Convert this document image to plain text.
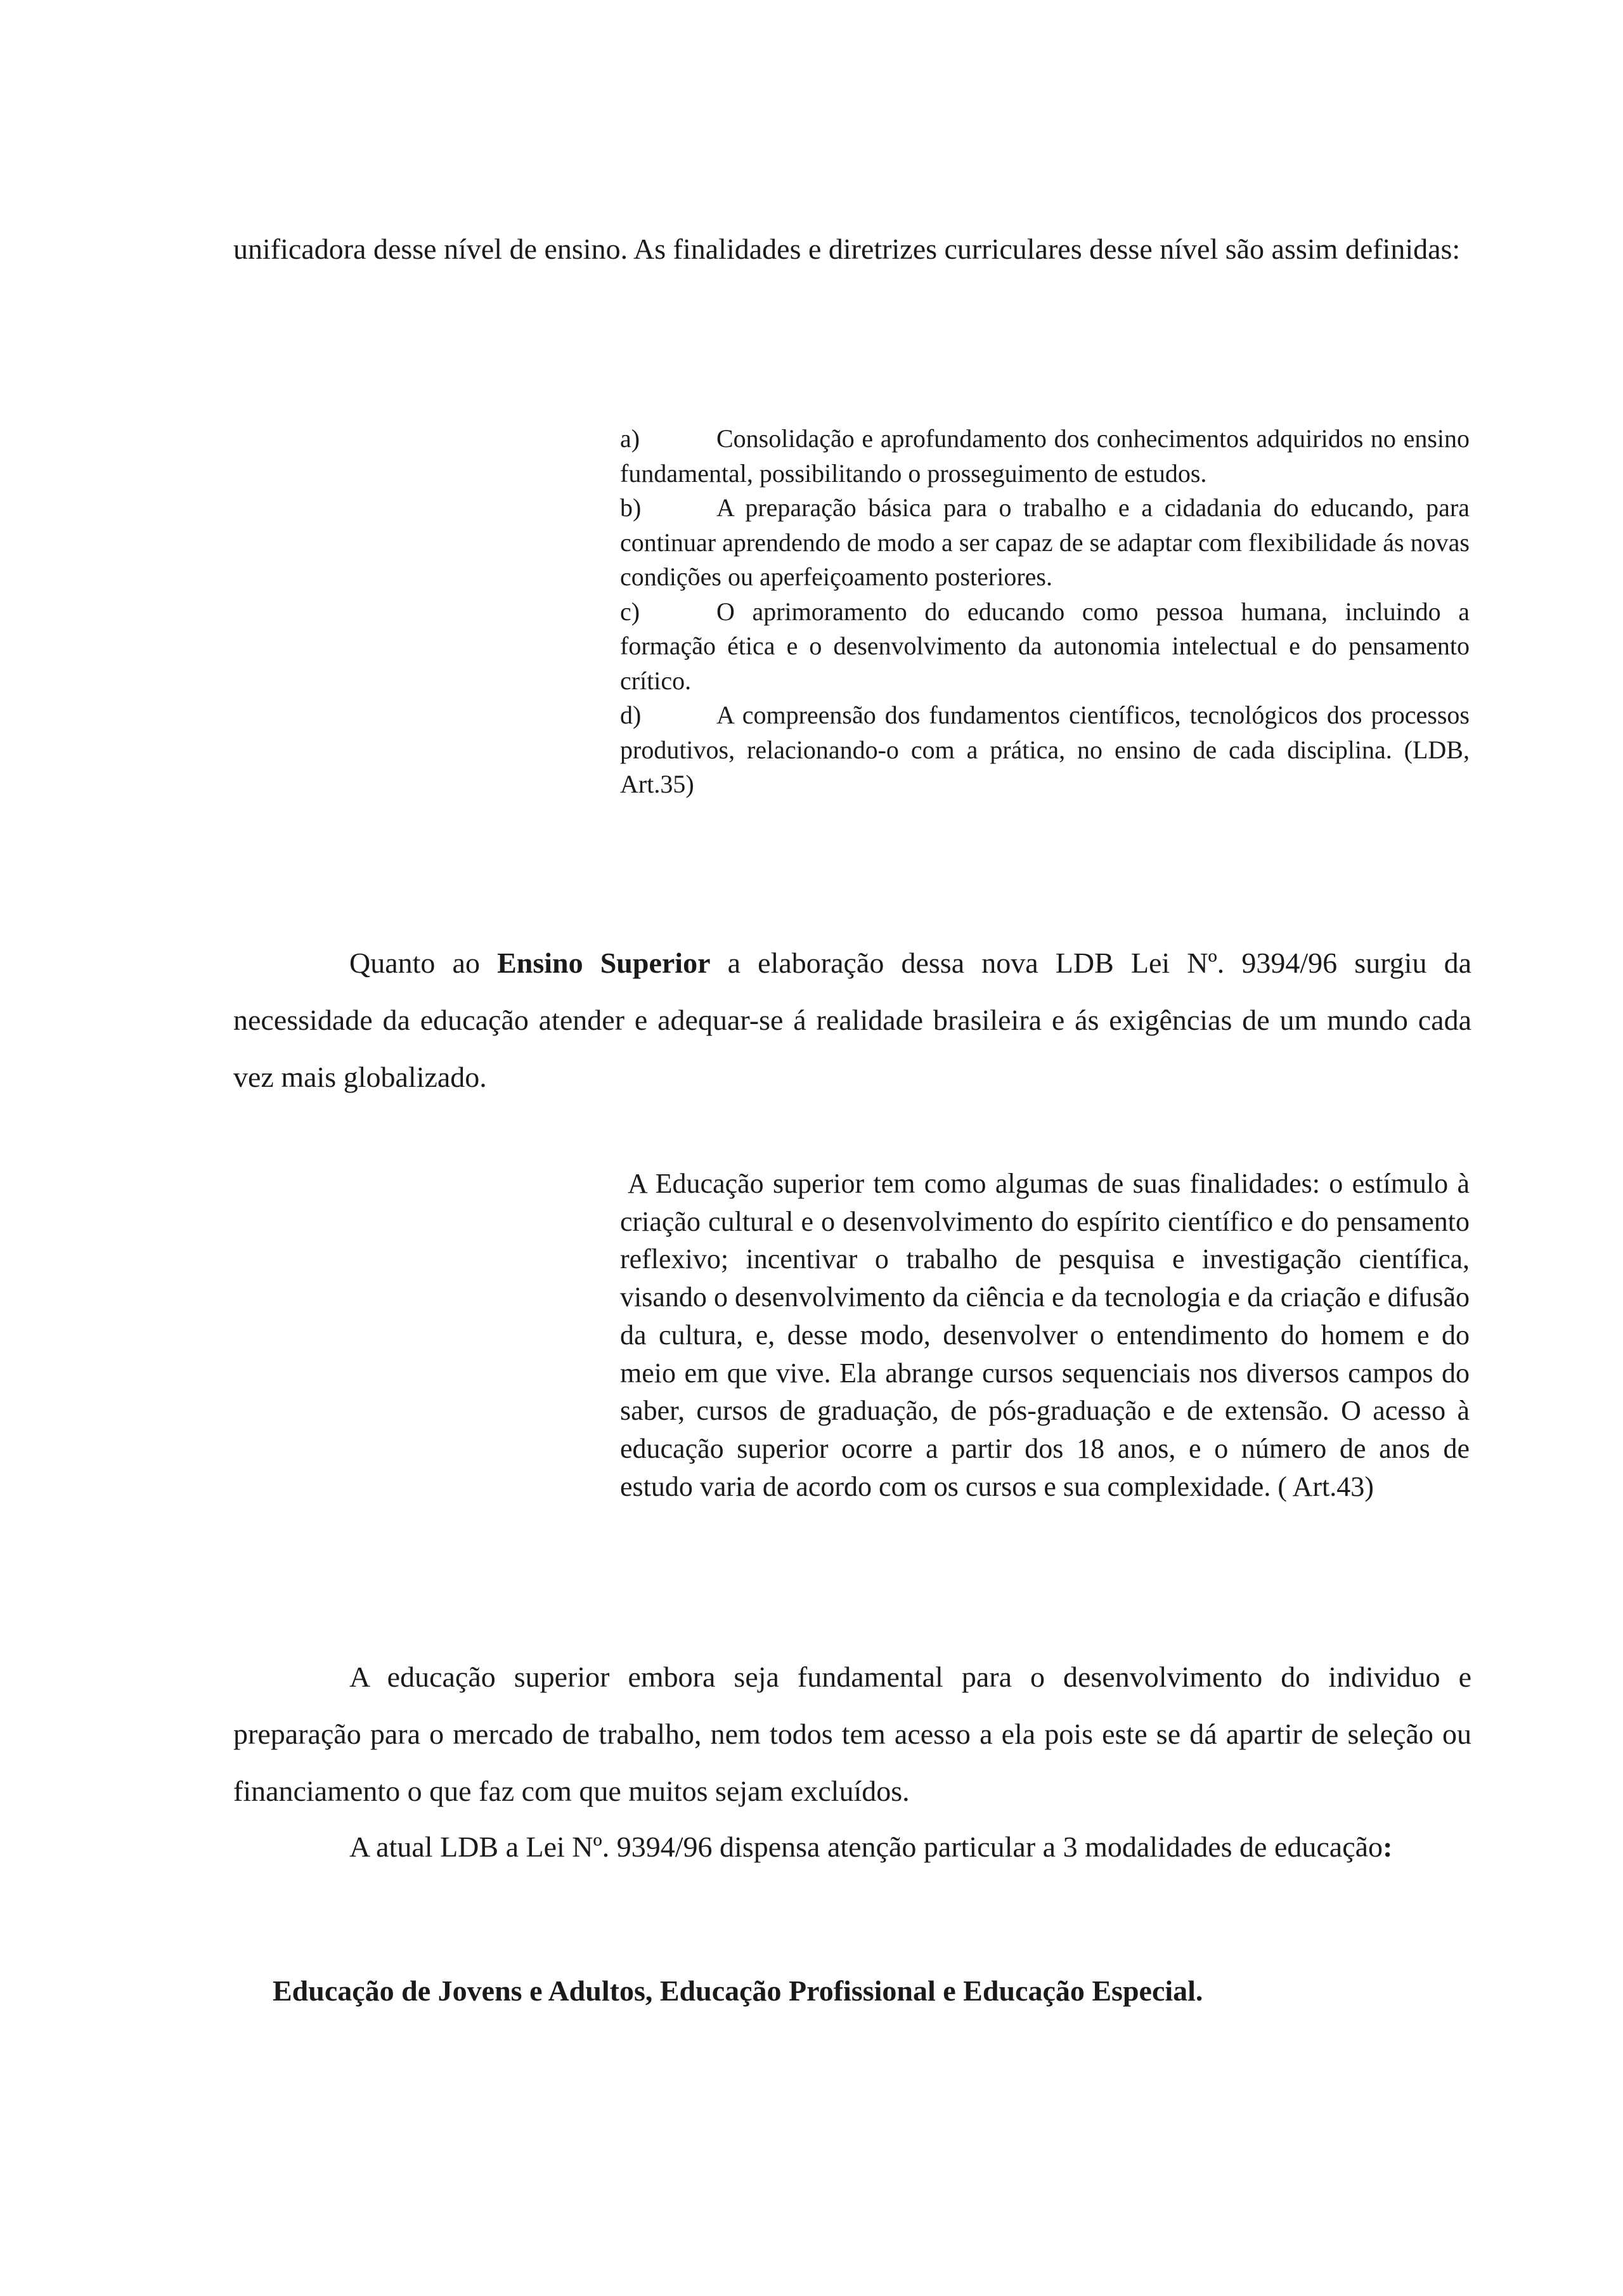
unificadora desse nível de ensino. As finalidades e diretrizes curriculares desse nível são assim definidas:

a)	Consolidação e aprofundamento dos conhecimentos adquiridos no ensino fundamental, possibilitando o prosseguimento de estudos.

b)	A preparação básica para o trabalho e a cidadania do educando, para continuar aprendendo de modo a ser capaz de se adaptar com flexibilidade ás novas condições ou aperfeiçoamento posteriores.

c)	O aprimoramento do educando como pessoa humana, incluindo a formação ética e o desenvolvimento da autonomia intelectual e do pensamento crítico.

d)	A compreensão dos fundamentos científicos, tecnológicos dos processos produtivos, relacionando-o com a prática, no ensino de cada disciplina. (LDB, Art.35)

Quanto ao Ensino Superior a elaboração dessa nova LDB Lei Nº. 9394/96 surgiu da necessidade da educação atender e adequar-se á realidade brasileira e ás exigências de um mundo cada vez mais globalizado.

A Educação superior tem como algumas de suas finalidades: o estímulo à criação cultural e o desenvolvimento do espírito científico e do pensamento reflexivo; incentivar o trabalho de pesquisa e investigação científica, visando o desenvolvimento da ciência e da tecnologia e da criação e difusão da cultura, e, desse modo, desenvolver o entendimento do homem e do meio em que vive. Ela abrange cursos sequenciais nos diversos campos do saber, cursos de graduação, de pós-graduação e de extensão. O acesso à educação superior ocorre a partir dos 18 anos, e o número de anos de estudo varia de acordo com os cursos e sua complexidade. ( Art.43)

A educação superior embora seja fundamental para o desenvolvimento do individuo e preparação para o mercado de trabalho, nem todos tem acesso a ela pois este se dá apartir de seleção ou financiamento o que faz com que muitos sejam excluídos.

A atual LDB a Lei Nº. 9394/96 dispensa atenção particular a 3 modalidades de educação:

Educação de Jovens e Adultos, Educação Profissional e Educação Especial.
